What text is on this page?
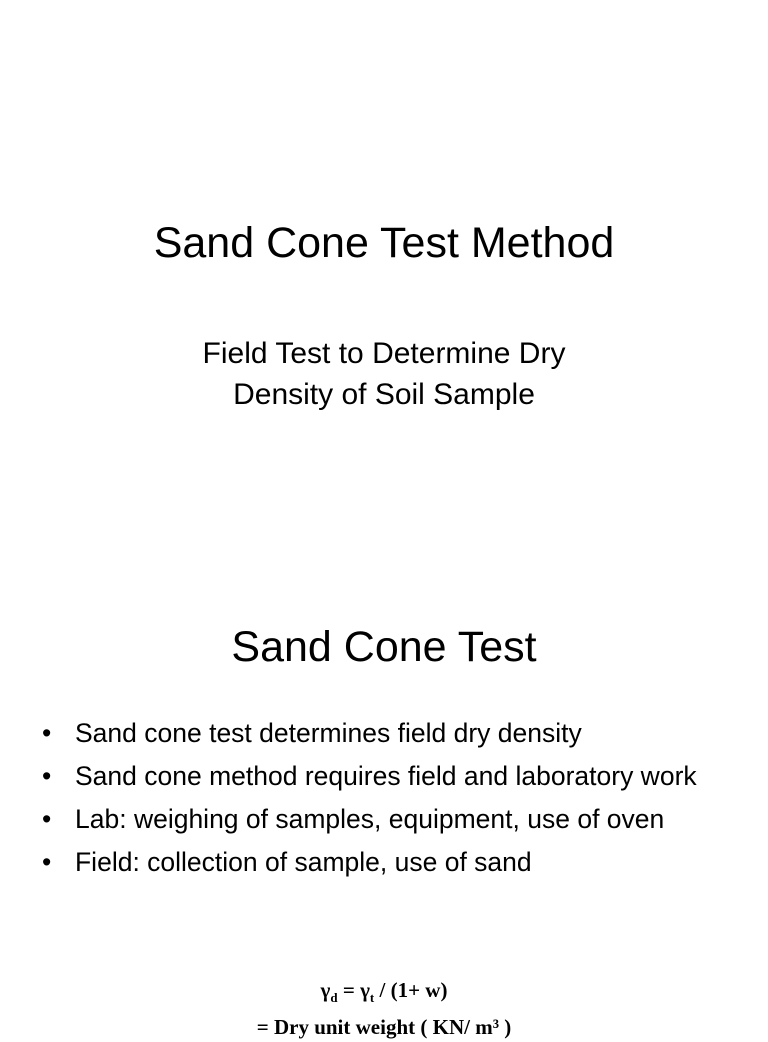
Sand Cone Test Method
Field Test to Determine Dry
Density of Soil Sample
Sand Cone Test
• Sand cone test determines field dry density
• Sand cone method requires field and laboratory work
• Lab: weighing of samples, equipment, use of oven
• Field: collection of sample, use of sand
$\gamma_d = \gamma_t / (1+ w)$
= Dry unit weight ( KN/ m³ )
